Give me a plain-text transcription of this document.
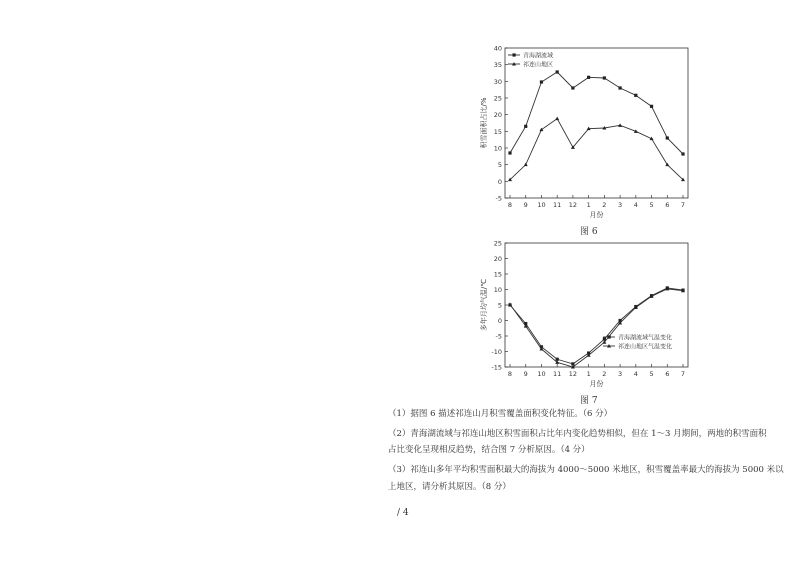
-5
0
5
10
15
20
25
30
35
40
8 9 10 11 12 1 2 3 4 5 6 7
月份
积雪面积占比/%
青海湖流域
祁连山地区
图 6
-15
-10
-5
0
5
10
15
20
25
8 9 10 11 12 1 2 3 4 5 6 7
月份
多年月均气温/℃
青海湖流域气温变化
祁连山地区气温变化
图 7
（1）据图 6 描述祁连山月积雪覆盖面积变化特征。（6 分）
（2）青海湖流域与祁连山地区积雪面积占比年内变化趋势相似，但在 1～3 月期间，两地的积雪面积
占比变化呈现相反趋势，结合图 7 分析原因。（4 分）
（3）祁连山多年平均积雪面积最大的海拔为 4000～5000 米地区，积雪覆盖率最大的海拔为 5000 米以
上地区，请分析其原因。（8 分）
/ 4
